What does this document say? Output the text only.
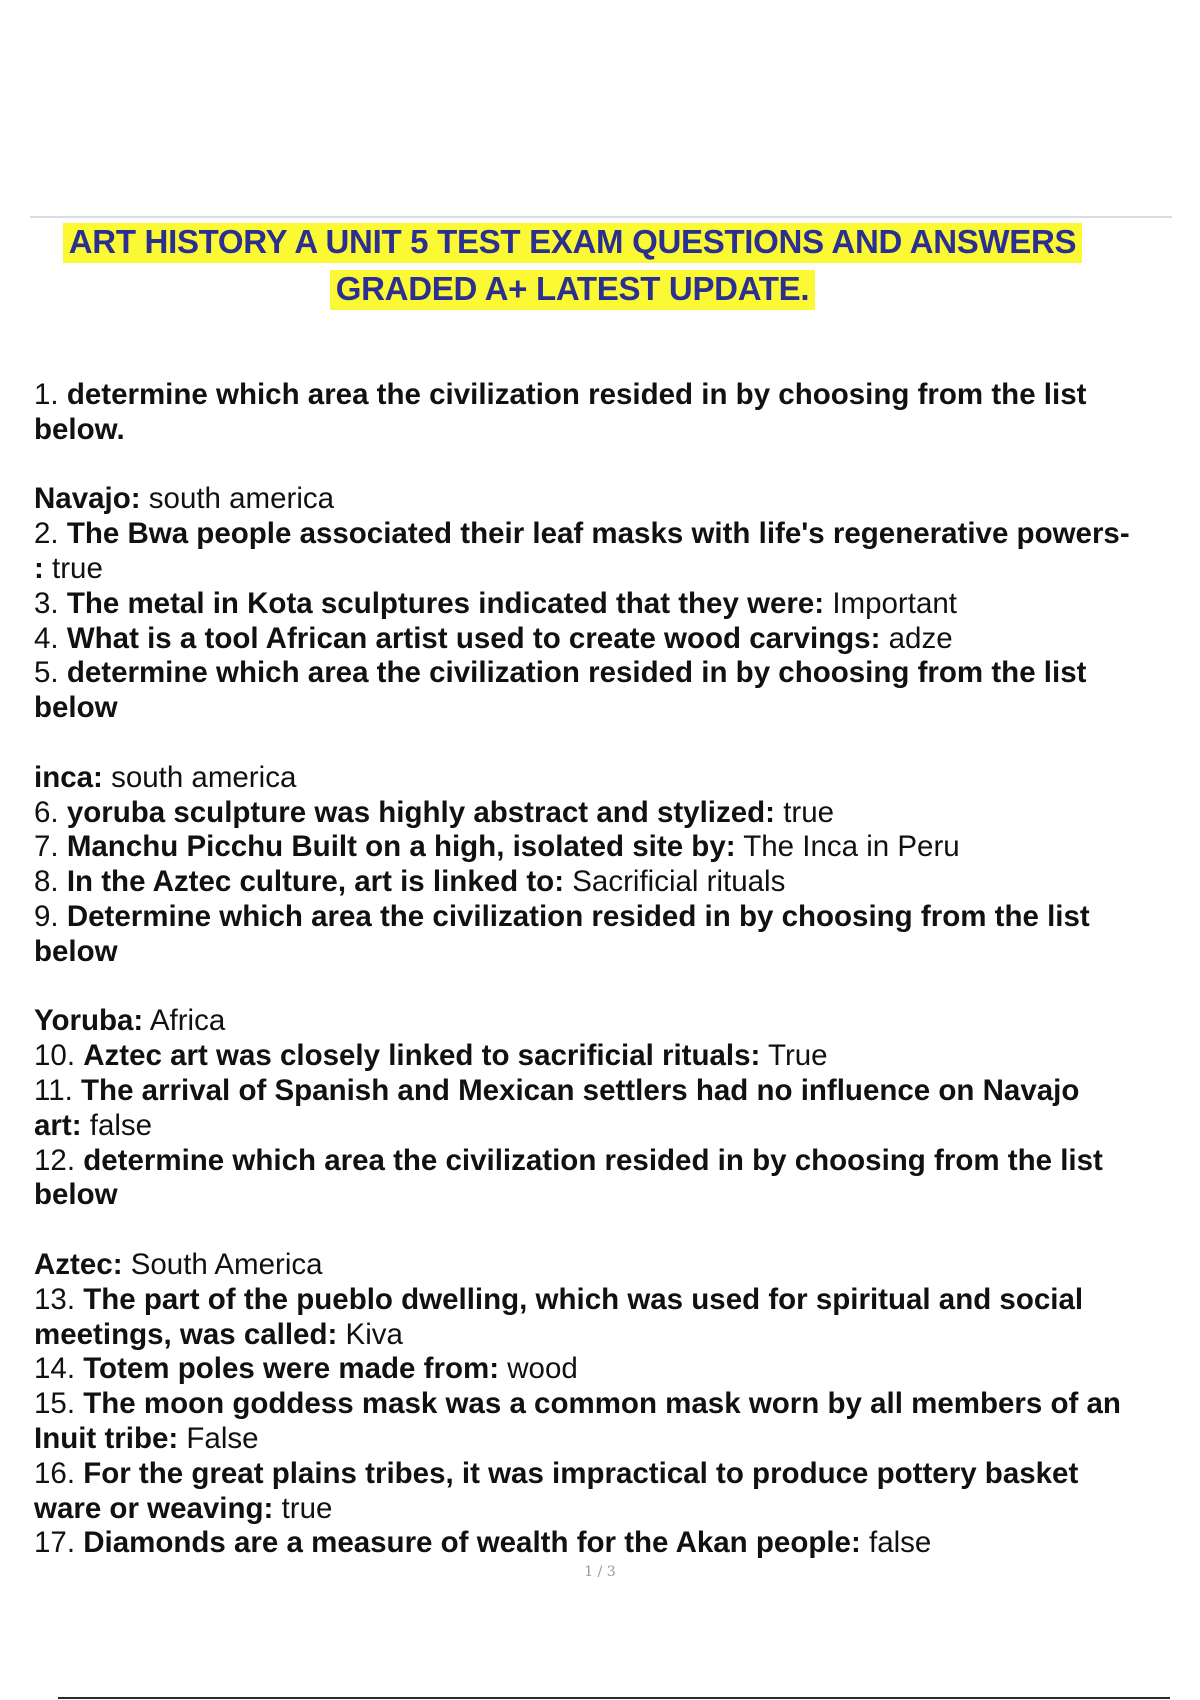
ART HISTORY A UNIT 5 TEST EXAM QUESTIONS AND ANSWERS
GRADED A+ LATEST UPDATE.
1. determine which area the civilization resided in by choosing from the list
below.
Navajo: south america
2. The Bwa people associated their leaf masks with life's regenerative powers-
: true
3. The metal in Kota sculptures indicated that they were: Important
4. What is a tool African artist used to create wood carvings: adze
5. determine which area the civilization resided in by choosing from the list
below
inca: south america
6. yoruba sculpture was highly abstract and stylized: true
7. Manchu Picchu Built on a high, isolated site by: The Inca in Peru
8. In the Aztec culture, art is linked to: Sacrificial rituals
9. Determine which area the civilization resided in by choosing from the list
below
Yoruba: Africa
10. Aztec art was closely linked to sacrificial rituals: True
11. The arrival of Spanish and Mexican settlers had no influence on Navajo
art: false
12. determine which area the civilization resided in by choosing from the list
below
Aztec: South America
13. The part of the pueblo dwelling, which was used for spiritual and social
meetings, was called: Kiva
14. Totem poles were made from: wood
15. The moon goddess mask was a common mask worn by all members of an
Inuit tribe: False
16. For the great plains tribes, it was impractical to produce pottery basket
ware or weaving: true
17. Diamonds are a measure of wealth for the Akan people: false
1 / 3
